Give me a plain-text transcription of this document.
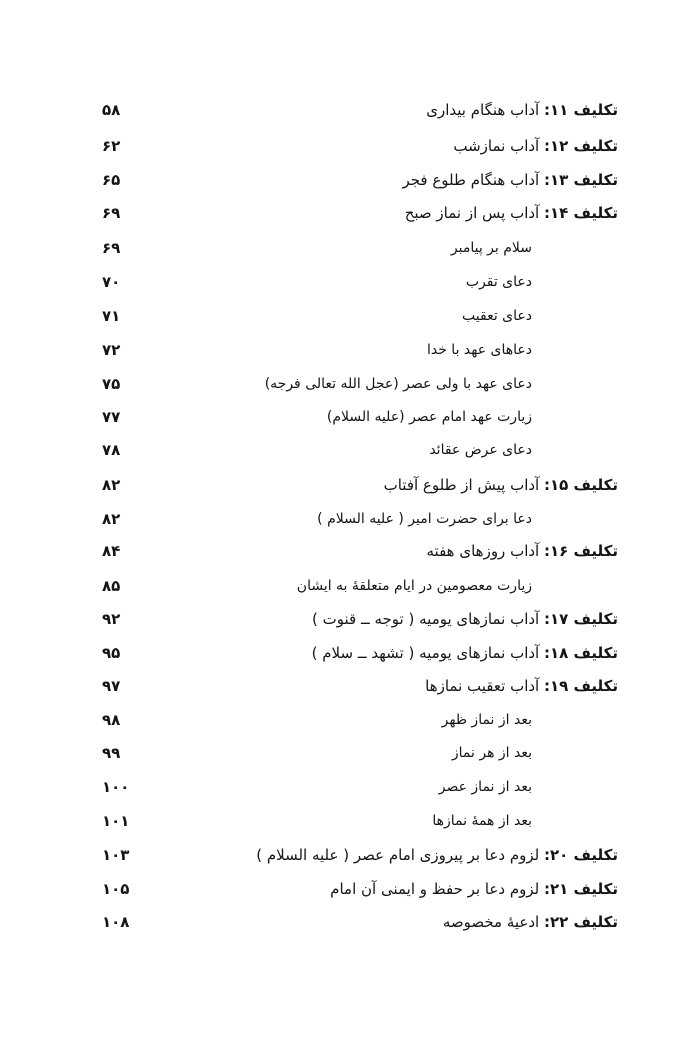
تکلیف ۱۱: آداب هنگام بیداری
۵۸
تکلیف ۱۲: آداب نمازشب
۶۲
تکلیف ۱۳: آداب هنگام طلوع فجر
۶۵
تکلیف ۱۴: آداب پس از نماز صبح
۶۹
سلام بر پیامبر
۶۹
دعای تقرب
۷۰
دعای تعقیب
۷۱
دعاهای عهد با خدا
۷۲
دعای عهد با ولی عصر (عجل الله تعالی فرجه)
۷۵
زیارت عهد امام عصر (علیه السلام)
۷۷
دعای عرض عقائد
۷۸
تکلیف ۱۵: آداب پیش از طلوع آفتاب
۸۲
دعا برای حضرت امیر ( علیه السلام )
۸۲
تکلیف ۱۶: آداب روزهای هفته
۸۴
زیارت معصومین در ایام متعلقهٔ به ایشان
۸۵
تکلیف ۱۷: آداب نمازهای یومیه ( توجه ــ قنوت )
۹۲
تکلیف ۱۸: آداب نمازهای یومیه ( تشهد ــ سلام )
۹۵
تکلیف ۱۹: آداب تعقیب نمازها
۹۷
بعد از نماز ظهر
۹۸
بعد از هر نماز
۹۹
بعد از نماز عصر
۱۰۰
بعد از همهٔ نمازها
۱۰۱
تکلیف ۲۰: لزوم دعا بر پیروزی امام عصر ( علیه السلام )
۱۰۳
تکلیف ۲۱: لزوم دعا بر حفظ و ایمنی آن امام
۱۰۵
تکلیف ۲۲: ادعیهٔ مخصوصه
۱۰۸
